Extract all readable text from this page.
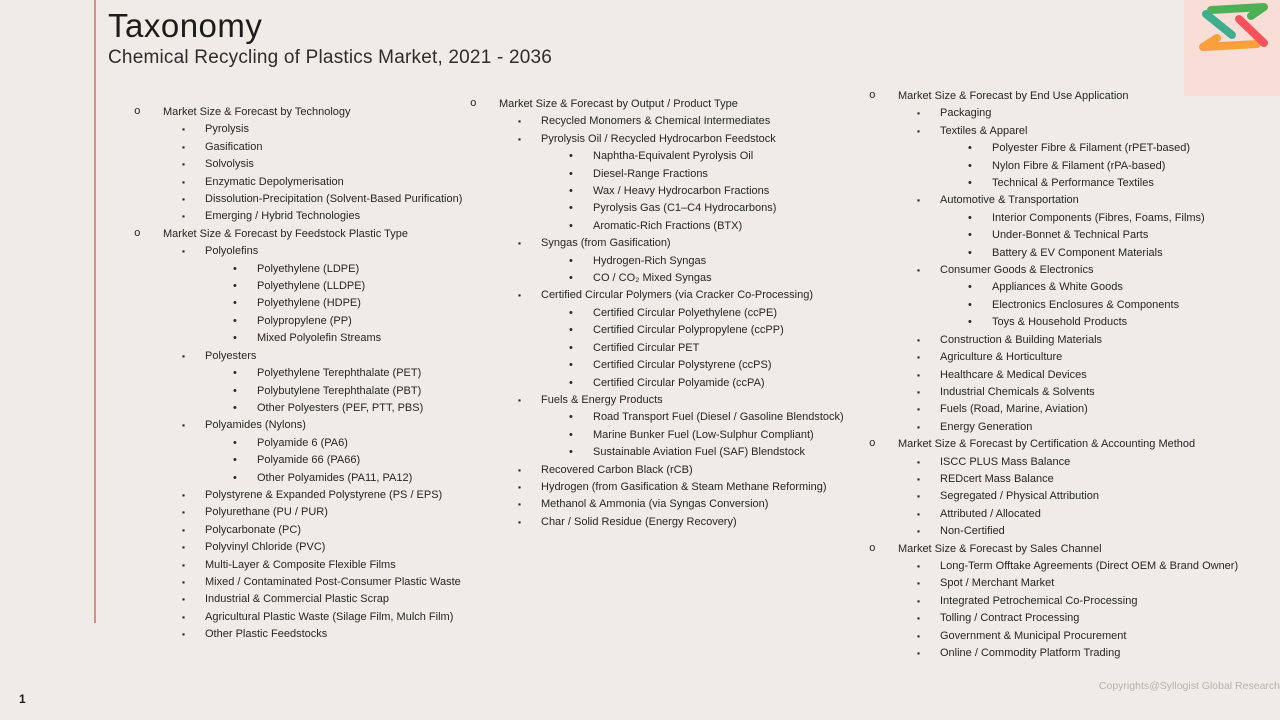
Taxonomy
Chemical Recycling of Plastics Market, 2021 - 2036
o	Market Size & Forecast by Technology
▪	Pyrolysis
▪	Gasification
▪	Solvolysis
▪	Enzymatic Depolymerisation
▪	Dissolution-Precipitation (Solvent-Based Purification)
▪	Emerging / Hybrid Technologies
o	Market Size & Forecast by Feedstock Plastic Type
▪	Polyolefins
•	Polyethylene (LDPE)
•	Polyethylene (LLDPE)
•	Polyethylene (HDPE)
•	Polypropylene (PP)
•	Mixed Polyolefin Streams
▪	Polyesters
•	Polyethylene Terephthalate (PET)
•	Polybutylene Terephthalate (PBT)
•	Other Polyesters (PEF, PTT, PBS)
▪	Polyamides (Nylons)
•	Polyamide 6 (PA6)
•	Polyamide 66 (PA66)
•	Other Polyamides (PA11, PA12)
▪	Polystyrene & Expanded Polystyrene (PS / EPS)
▪	Polyurethane (PU / PUR)
▪	Polycarbonate (PC)
▪	Polyvinyl Chloride (PVC)
▪	Multi-Layer & Composite Flexible Films
▪	Mixed / Contaminated Post-Consumer Plastic Waste
▪	Industrial & Commercial Plastic Scrap
▪	Agricultural Plastic Waste (Silage Film, Mulch Film)
▪	Other Plastic Feedstocks
o	Market Size & Forecast by Output / Product Type
▪	Recycled Monomers & Chemical Intermediates
▪	Pyrolysis Oil / Recycled Hydrocarbon Feedstock
•	Naphtha-Equivalent Pyrolysis Oil
•	Diesel-Range Fractions
•	Wax / Heavy Hydrocarbon Fractions
•	Pyrolysis Gas (C1–C4 Hydrocarbons)
•	Aromatic-Rich Fractions (BTX)
▪	Syngas (from Gasification)
•	Hydrogen-Rich Syngas
•	CO / CO₂ Mixed Syngas
▪	Certified Circular Polymers (via Cracker Co-Processing)
•	Certified Circular Polyethylene (ccPE)
•	Certified Circular Polypropylene (ccPP)
•	Certified Circular PET
•	Certified Circular Polystyrene (ccPS)
•	Certified Circular Polyamide (ccPA)
▪	Fuels & Energy Products
•	Road Transport Fuel (Diesel / Gasoline Blendstock)
•	Marine Bunker Fuel (Low-Sulphur Compliant)
•	Sustainable Aviation Fuel (SAF) Blendstock
▪	Recovered Carbon Black (rCB)
▪	Hydrogen (from Gasification & Steam Methane Reforming)
▪	Methanol & Ammonia (via Syngas Conversion)
▪	Char / Solid Residue (Energy Recovery)
o	Market Size & Forecast by End Use Application
▪	Packaging
▪	Textiles & Apparel
•	Polyester Fibre & Filament (rPET-based)
•	Nylon Fibre & Filament (rPA-based)
•	Technical & Performance Textiles
▪	Automotive & Transportation
•	Interior Components (Fibres, Foams, Films)
•	Under-Bonnet & Technical Parts
•	Battery & EV Component Materials
▪	Consumer Goods & Electronics
•	Appliances & White Goods
•	Electronics Enclosures & Components
•	Toys & Household Products
▪	Construction & Building Materials
▪	Agriculture & Horticulture
▪	Healthcare & Medical Devices
▪	Industrial Chemicals & Solvents
▪	Fuels (Road, Marine, Aviation)
▪	Energy Generation
o	Market Size & Forecast by Certification & Accounting Method
▪	ISCC PLUS Mass Balance
▪	REDcert Mass Balance
▪	Segregated / Physical Attribution
▪	Attributed / Allocated
▪	Non-Certified
o	Market Size & Forecast by Sales Channel
▪	Long-Term Offtake Agreements (Direct OEM & Brand Owner)
▪	Spot / Merchant Market
▪	Integrated Petrochemical Co-Processing
▪	Tolling / Contract Processing
▪	Government & Municipal Procurement
▪	Online / Commodity Platform Trading
1
Copyrights@Syllogist Global Research
